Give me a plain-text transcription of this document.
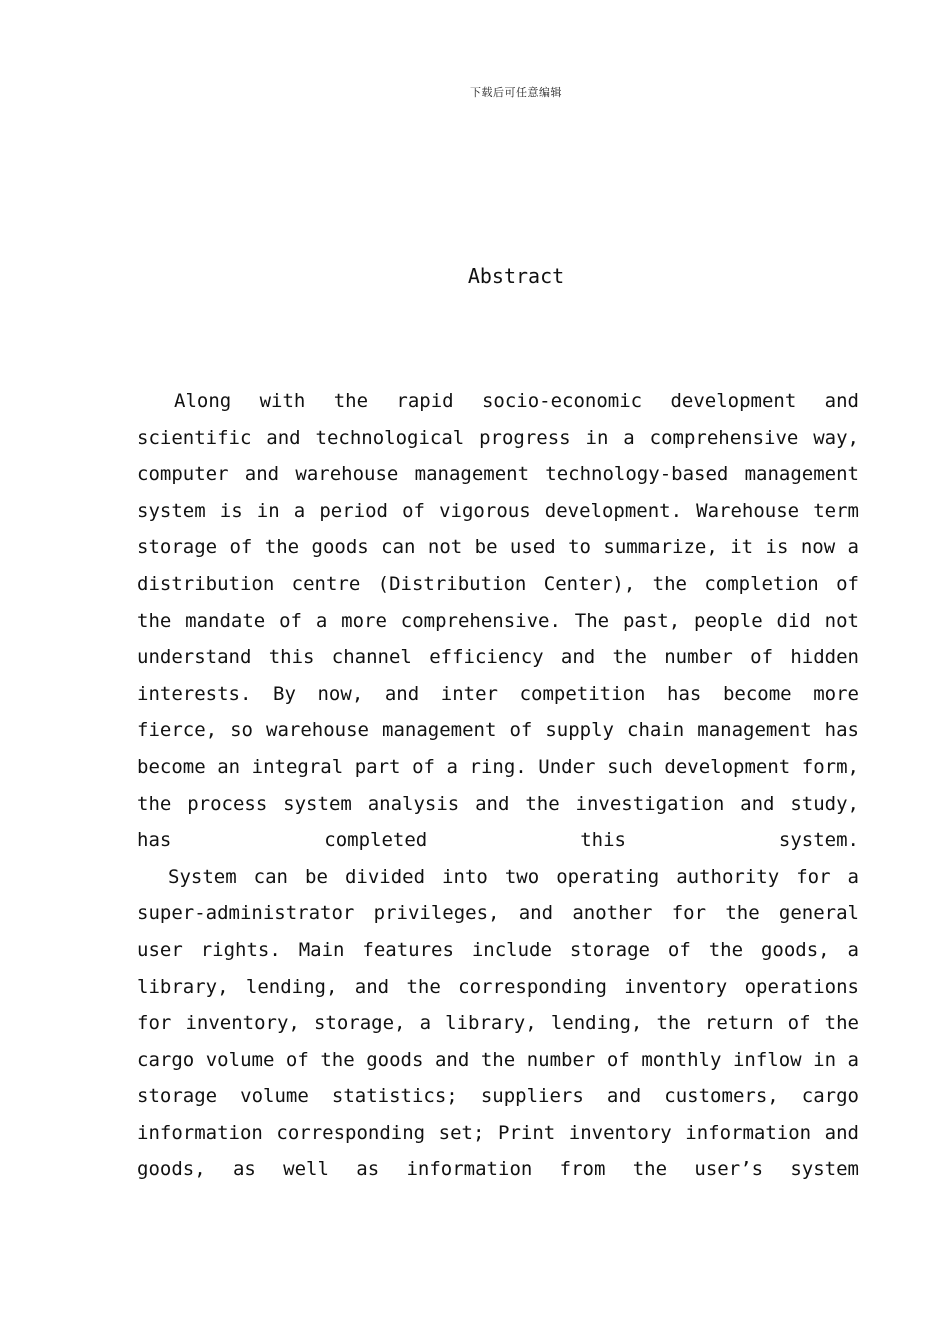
下载后可任意编辑
Abstract

Along with the rapid socio-economic development and scientific and technological progress in a comprehensive way, computer and warehouse management technology-based management system is in a period of vigorous development. Warehouse term storage of the goods can not be used to summarize, it is now a distribution centre (Distribution Center), the completion of the mandate of a more comprehensive. The past, people did not understand this channel efficiency and the number of hidden interests. By now, and inter competition has become more fierce, so warehouse management of supply chain management has become an integral part of a ring. Under such development form, the process system analysis and the investigation and study, has completed this system.

System can be divided into two operating authority for a super-administrator privileges, and another for the general user rights. Main features include storage of the goods, a library, lending, and the corresponding inventory operations for inventory, storage, a library, lending, the return of the cargo volume of the goods and the number of monthly inflow in a storage volume statistics; suppliers and customers, cargo information corresponding set; Print inventory information and goods, as well as information from the user’s system
